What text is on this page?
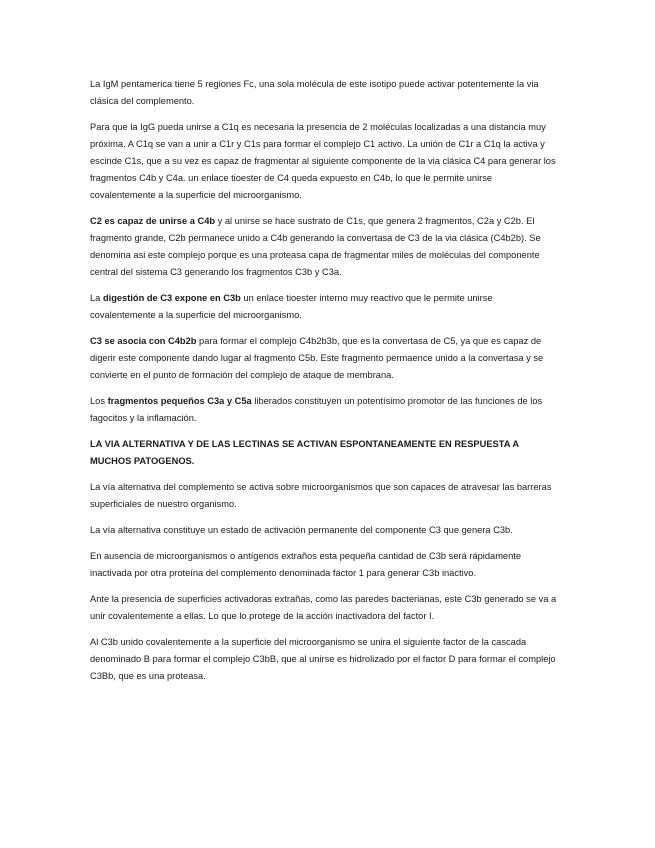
La IgM pentamerica tiene 5 regiones Fc, una sola molécula de este isotipo puede activar potentemente la via clásica del complemento.

Para que la IgG pueda unirse a C1q es necesaria la presencia de 2 moléculas localizadas a una distancia muy próxima. A C1q se van a unir a C1r y C1s para formar el complejo C1 activo. La unión de C1r a C1q la activa y escinde C1s, que a su vez es capaz de fragmentar al siguiente componente de la via clásica C4 para generar los fragmentos C4b y C4a. un enlace tioester de C4 queda expuesto en C4b, lo que le permite unirse covalentemente a la superficie del microorganismo.

C2 es capaz de unirse a C4b y al unirse se hace sustrato de C1s, que genera 2 fragmentos, C2a y C2b. El fragmento grande, C2b permanece unido a C4b generando la convertasa de C3 de la via clásica (C4b2b). Se denomina asi este complejo porque es una proteasa capa de fragmentar miles de moléculas del componente central del sistema C3 generando los fragmentos C3b y C3a.

La digestión de C3 expone en C3b un enlace tioester interno muy reactivo que le permite unirse covalentemente a la superficie del microorganismo.

C3 se asocia con C4b2b para formar el complejo C4b2b3b, que es la convertasa de C5, ya que es capaz de digerir este componente dando lugar al fragmento C5b. Este fragmento permaence unido a la convertasa y se convierte en el punto de formación del complejo de ataque de membrana.

Los fragmentos pequeños C3a y C5a liberados constituyen un potentísimo promotor de las funciones de los fagocitos y la inflamación.

LA VIA ALTERNATIVA Y DE LAS LECTINAS SE ACTIVAN ESPONTANEAMENTE EN RESPUESTA A MUCHOS PATOGENOS.

La vía alternativa del complemento se activa sobre microorganismos que son capaces de atravesar las barreras superficiales de nuestro organismo.

La vía alternativa constituye un estado de activación permanente del componente C3 que genera C3b.

En ausencia de microorganismos o antígenos extraños esta pequeña cantidad de C3b será rápidamente inactivada por otra proteína del complemento denominada factor 1 para generar C3b inactivo.

Ante la presencia de superficies activadoras extrañas, como las paredes bacterianas, este C3b generado se va a unir covalentemente a ellas. Lo que lo protege de la acción inactivadora del factor I.

Al C3b unido covalentemente a la superficie del microorganismo se unira el siguiente factor de la cascada denominado B para formar el complejo C3bB, que al unirse es hidrolizado por el factor D para formar el complejo C3Bb, que es una proteasa.
